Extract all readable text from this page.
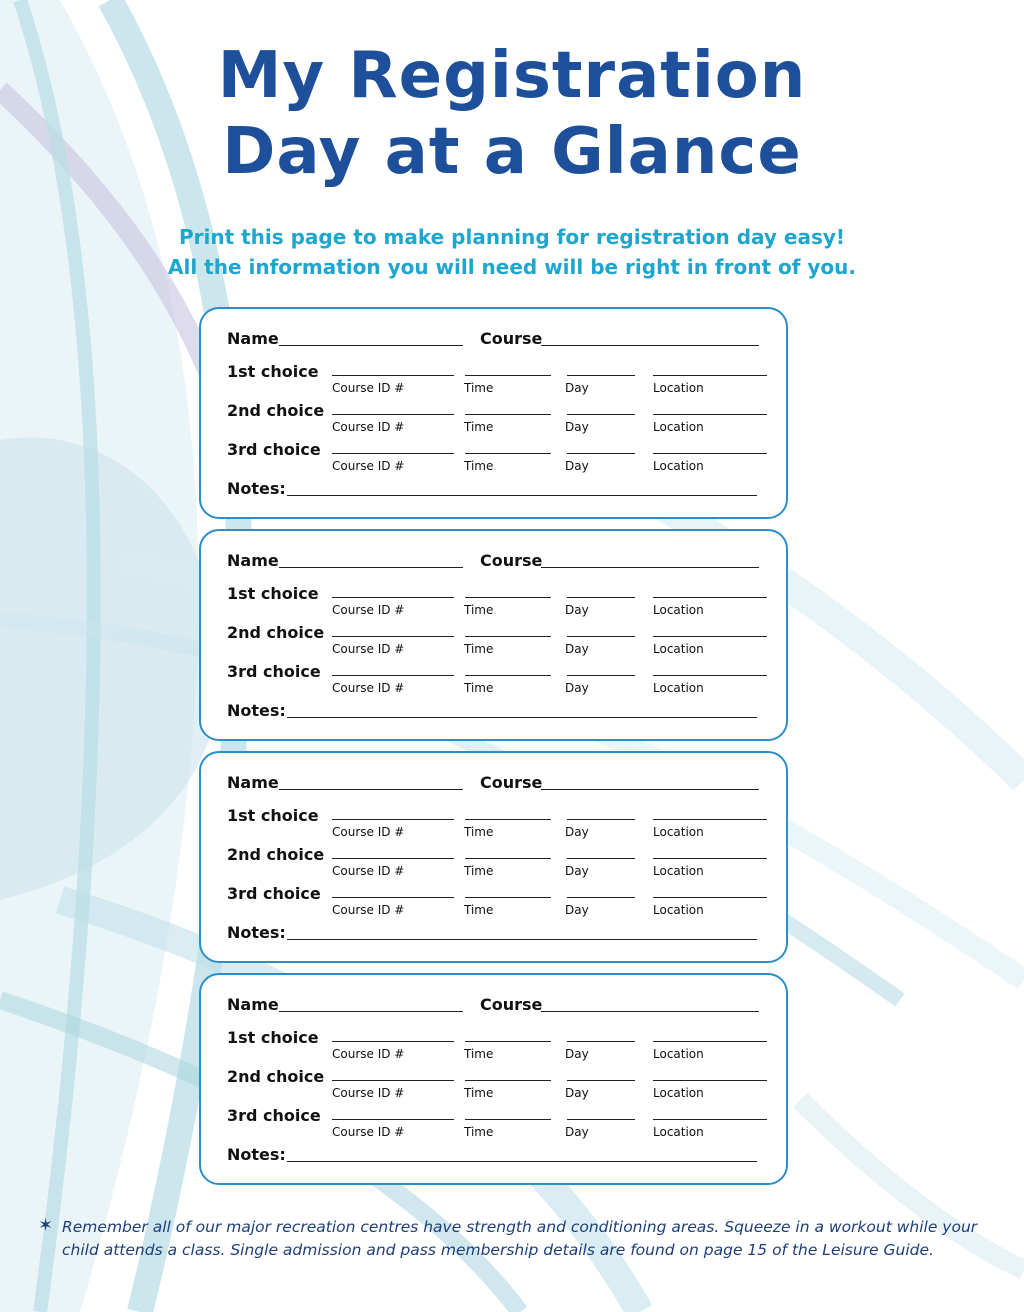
My Registration
Day at a Glance
Print this page to make planning for registration day easy!
All the information you will need will be right in front of you.
Name	Course
1st choice
Course ID #	Time	Day	Location
2nd choice
Course ID #	Time	Day	Location
3rd choice
Course ID #	Time	Day	Location
Notes:
Name	Course
1st choice
Course ID #	Time	Day	Location
2nd choice
Course ID #	Time	Day	Location
3rd choice
Course ID #	Time	Day	Location
Notes:
Name	Course
1st choice
Course ID #	Time	Day	Location
2nd choice
Course ID #	Time	Day	Location
3rd choice
Course ID #	Time	Day	Location
Notes:
Name	Course
1st choice
Course ID #	Time	Day	Location
2nd choice
Course ID #	Time	Day	Location
3rd choice
Course ID #	Time	Day	Location
Notes:
✶ Remember all of our major recreation centres have strength and conditioning areas. Squeeze in a workout while your
child attends a class. Single admission and pass membership details are found on page 15 of the Leisure Guide.
